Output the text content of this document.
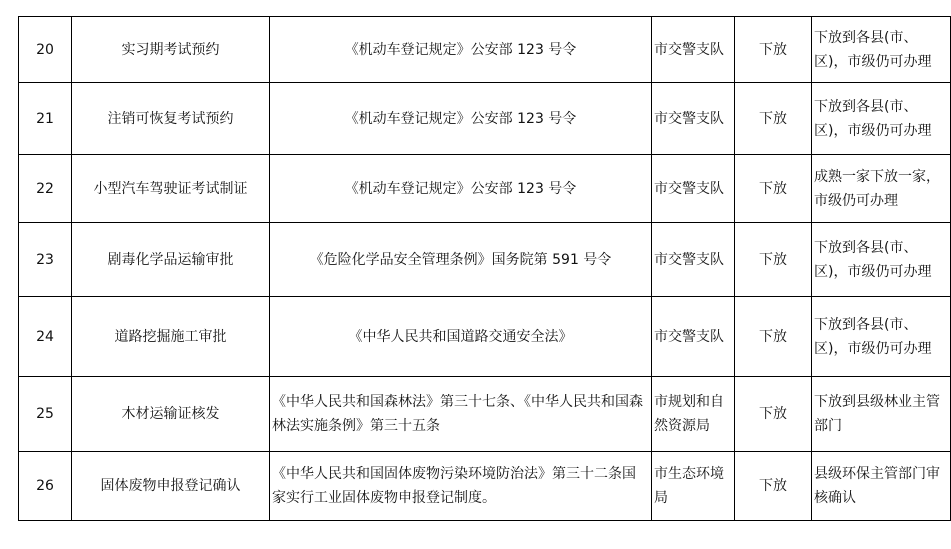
20	实习期考试预约	《机动车登记规定》公安部 123 号令	市交警支队	下放	下放到各县(市、区)，市级仍可办理
21	注销可恢复考试预约	《机动车登记规定》公安部 123 号令	市交警支队	下放	下放到各县(市、区)，市级仍可办理
22	小型汽车驾驶证考试制证	《机动车登记规定》公安部 123 号令	市交警支队	下放	成熟一家下放一家，市级仍可办理
23	剧毒化学品运输审批	《危险化学品安全管理条例》国务院第 591 号令	市交警支队	下放	下放到各县(市、区)，市级仍可办理
24	道路挖掘施工审批	《中华人民共和国道路交通安全法》	市交警支队	下放	下放到各县(市、区)，市级仍可办理
25	木材运输证核发	《中华人民共和国森林法》第三十七条、《中华人民共和国森林法实施条例》第三十五条	市规划和自然资源局	下放	下放到县级林业主管部门
26	固体废物申报登记确认	《中华人民共和国固体废物污染环境防治法》第三十二条国家实行工业固体废物申报登记制度。	市生态环境局	下放	县级环保主管部门审核确认
